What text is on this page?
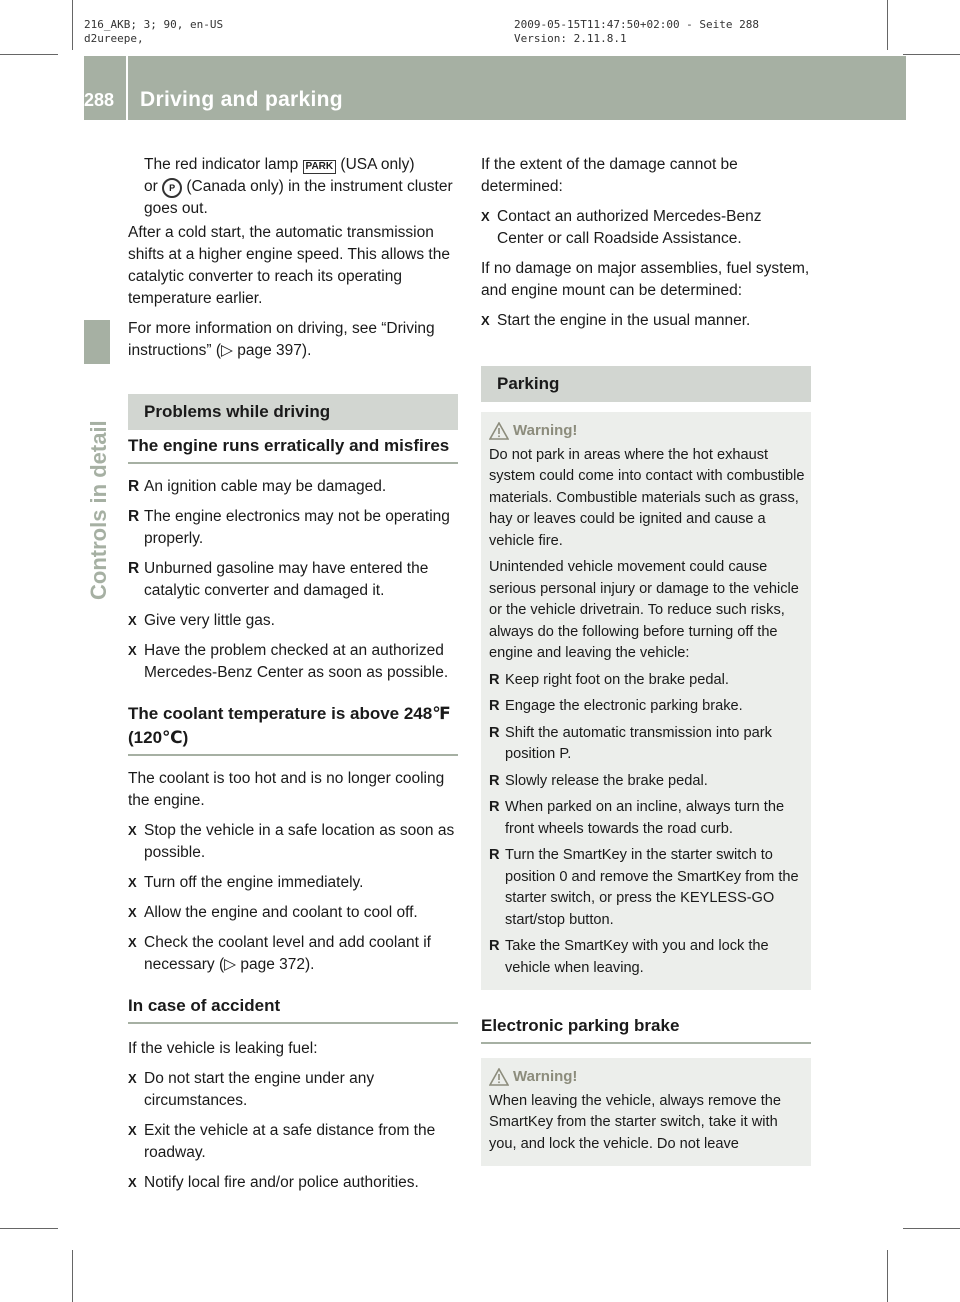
216_AKB; 3; 90, en-US
d2ureepe,
2009-05-15T11:47:50+02:00 - Seite 288
Version: 2.11.8.1
288	Driving and parking
Controls in detail

The red indicator lamp PARK (USA only)
or P (Canada only) in the instrument cluster goes out.

After a cold start, the automatic transmission shifts at a higher engine speed. This allows the catalytic converter to reach its operating temperature earlier.

For more information on driving, see “Driving instructions” (▷ page 397).

Problems while driving
The engine runs erratically and misfires
R An ignition cable may be damaged.
R The engine electronics may not be operating properly.
R Unburned gasoline may have entered the catalytic converter and damaged it.
X Give very little gas.
X Have the problem checked at an authorized Mercedes-Benz Center as soon as possible.
The coolant temperature is above 248℉ (120℃)

The coolant is too hot and is no longer cooling the engine.

X Stop the vehicle in a safe location as soon as possible.
X Turn off the engine immediately.
X Allow the engine and coolant to cool off.
X Check the coolant level and add coolant if necessary (▷ page 372).
In case of accident

If the vehicle is leaking fuel:

X Do not start the engine under any circumstances.
X Exit the vehicle at a safe distance from the roadway.
X Notify local fire and/or police authorities.

If the extent of the damage cannot be determined:

X Contact an authorized Mercedes-Benz Center or call Roadside Assistance.

If no damage on major assemblies, fuel system, and engine mount can be determined:

X Start the engine in the usual manner.
Parking
Warning!

Do not park in areas where the hot exhaust system could come into contact with combustible materials. Combustible materials such as grass, hay or leaves could be ignited and cause a vehicle fire.

Unintended vehicle movement could cause serious personal injury or damage to the vehicle or the vehicle drivetrain. To reduce such risks, always do the following before turning off the engine and leaving the vehicle:

R Keep right foot on the brake pedal.
R Engage the electronic parking brake.
R Shift the automatic transmission into park position P.
R Slowly release the brake pedal.
R When parked on an incline, always turn the front wheels towards the road curb.
R Turn the SmartKey in the starter switch to position 0 and remove the SmartKey from the starter switch, or press the KEYLESS-GO start/stop button.
R Take the SmartKey with you and lock the vehicle when leaving.
Electronic parking brake
Warning!

When leaving the vehicle, always remove the SmartKey from the starter switch, take it with you, and lock the vehicle. Do not leave
